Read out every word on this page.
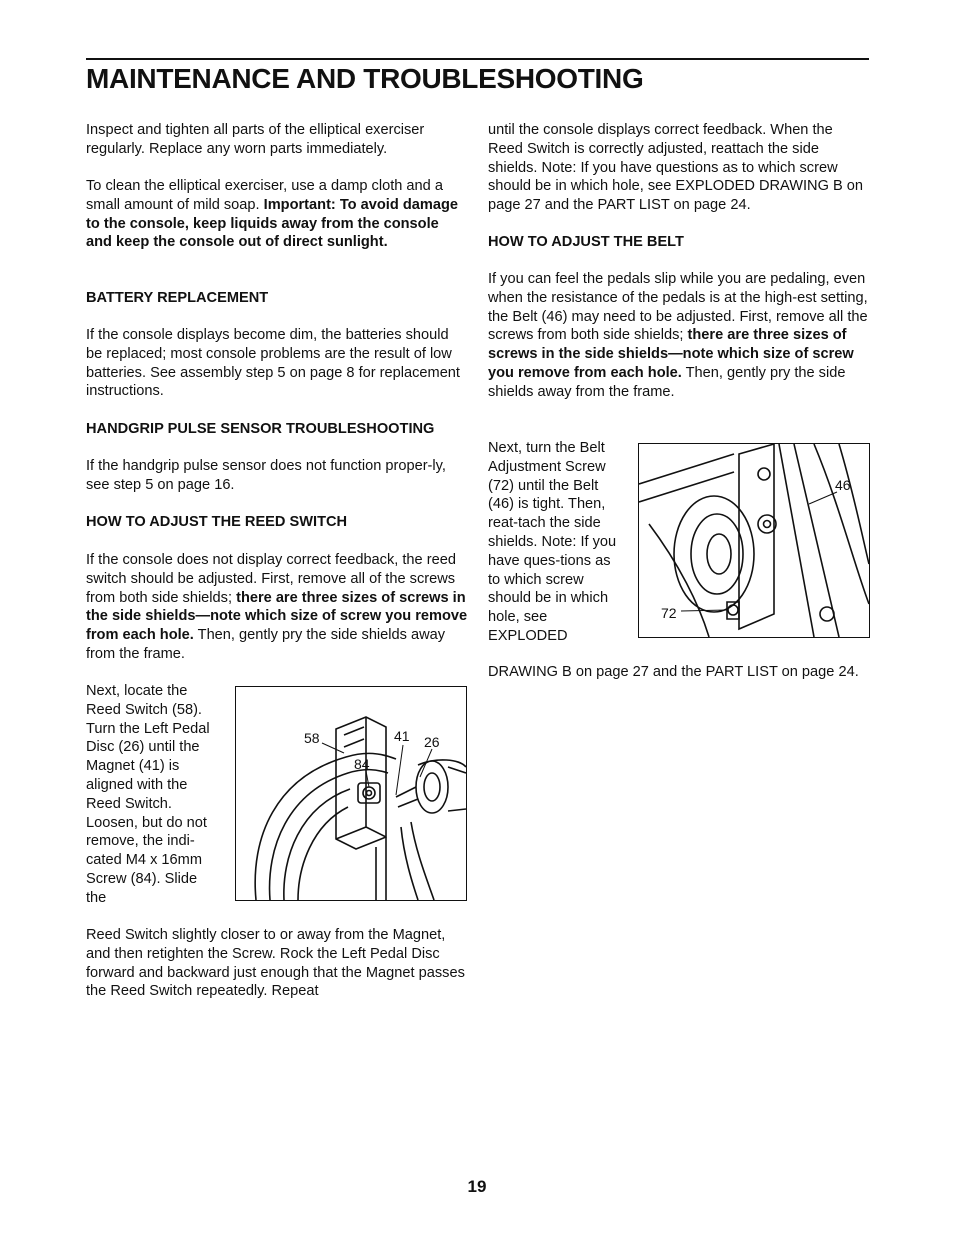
MAINTENANCE AND TROUBLESHOOTING

Inspect and tighten all parts of the elliptical exerciser regularly. Replace any worn parts immediately.

To clean the elliptical exerciser, use a damp cloth and a small amount of mild soap. Important: To avoid damage to the console, keep liquids away from the console and keep the console out of direct sunlight.

BATTERY REPLACEMENT

If the console displays become dim, the batteries should be replaced; most console problems are the result of low batteries. See assembly step 5 on page 8 for replacement instructions.

HANDGRIP PULSE SENSOR TROUBLESHOOTING

If the handgrip pulse sensor does not function proper-ly, see step 5 on page 16.

HOW TO ADJUST THE REED SWITCH

If the console does not display correct feedback, the reed switch should be adjusted. First, remove all of the screws from both side shields; there are three sizes of screws in the side shields—note which size of screw you remove from each hole. Then, gently pry the side shields away from the frame.

Next, locate the Reed Switch (58). Turn the Left Pedal Disc (26) until the Magnet (41) is aligned with the Reed Switch. Loosen, but do not remove, the indi-cated M4 x 16mm Screw (84). Slide the

Reed Switch slightly closer to or away from the Magnet, and then retighten the Screw. Rock the Left Pedal Disc forward and backward just enough that the Magnet passes the Reed Switch repeatedly. Repeat

58
84
41 26

until the console displays correct feedback. When the Reed Switch is correctly adjusted, reattach the side shields. Note: If you have questions as to which screw should be in which hole, see EXPLODED DRAWING B on page 27 and the PART LIST on page 24.

HOW TO ADJUST THE BELT

If you can feel the pedals slip while you are pedaling, even when the resistance of the pedals is at the high-est setting, the Belt (46) may need to be adjusted. First, remove all the screws from both side shields; there are three sizes of screws in the side shields—note which size of screw you remove from each hole. Then, gently pry the side shields away from the frame.

Next, turn the Belt Adjustment Screw (72) until the Belt (46) is tight. Then, reat-tach the side shields. Note: If you have ques-tions as to which screw should be in which hole, see EXPLODED

DRAWING B on page 27 and the PART LIST on page 24.

46
72
19
